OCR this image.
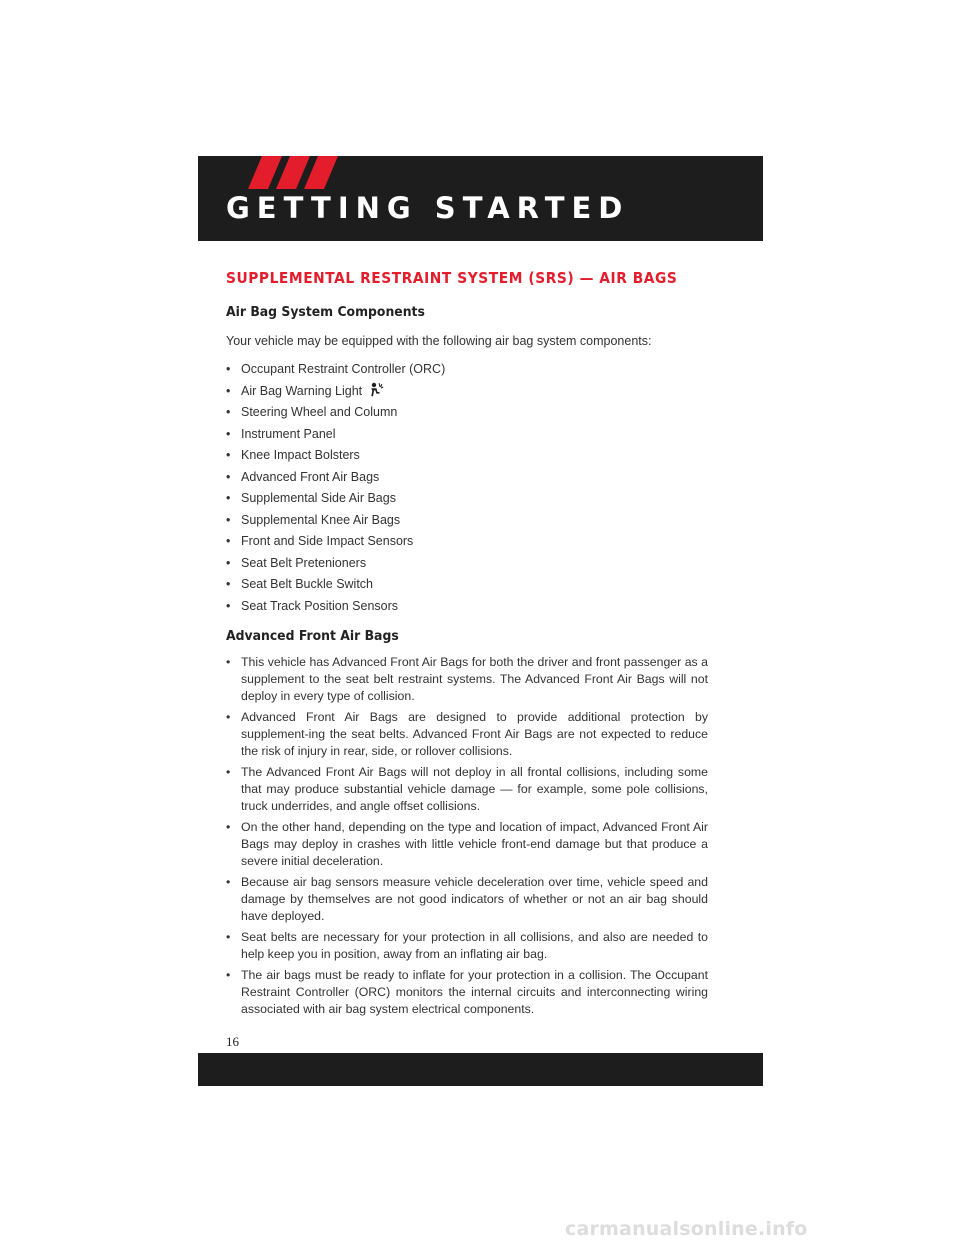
GETTING STARTED
SUPPLEMENTAL RESTRAINT SYSTEM (SRS) — AIR BAGS
Air Bag System Components

Your vehicle may be equipped with the following air bag system components:

• Occupant Restraint Controller (ORC)
• Air Bag Warning Light
• Steering Wheel and Column
• Instrument Panel
• Knee Impact Bolsters
• Advanced Front Air Bags
• Supplemental Side Air Bags
• Supplemental Knee Air Bags
• Front and Side Impact Sensors
• Seat Belt Pretenioners
• Seat Belt Buckle Switch
• Seat Track Position Sensors
Advanced Front Air Bags
• This vehicle has Advanced Front Air Bags for both the driver and front passenger as a supplement to the seat belt restraint systems. The Advanced Front Air Bags will not deploy in every type of collision.
• Advanced Front Air Bags are designed to provide additional protection by supplement-ing the seat belts. Advanced Front Air Bags are not expected to reduce the risk of injury in rear, side, or rollover collisions.
• The Advanced Front Air Bags will not deploy in all frontal collisions, including some that may produce substantial vehicle damage — for example, some pole collisions, truck underrides, and angle offset collisions.
• On the other hand, depending on the type and location of impact, Advanced Front Air Bags may deploy in crashes with little vehicle front-end damage but that produce a severe initial deceleration.
• Because air bag sensors measure vehicle deceleration over time, vehicle speed and damage by themselves are not good indicators of whether or not an air bag should have deployed.
• Seat belts are necessary for your protection in all collisions, and also are needed to help keep you in position, away from an inflating air bag.
• The air bags must be ready to inflate for your protection in a collision. The Occupant Restraint Controller (ORC) monitors the internal circuits and interconnecting wiring associated with air bag system electrical components.
16
carmanualsonline.info
